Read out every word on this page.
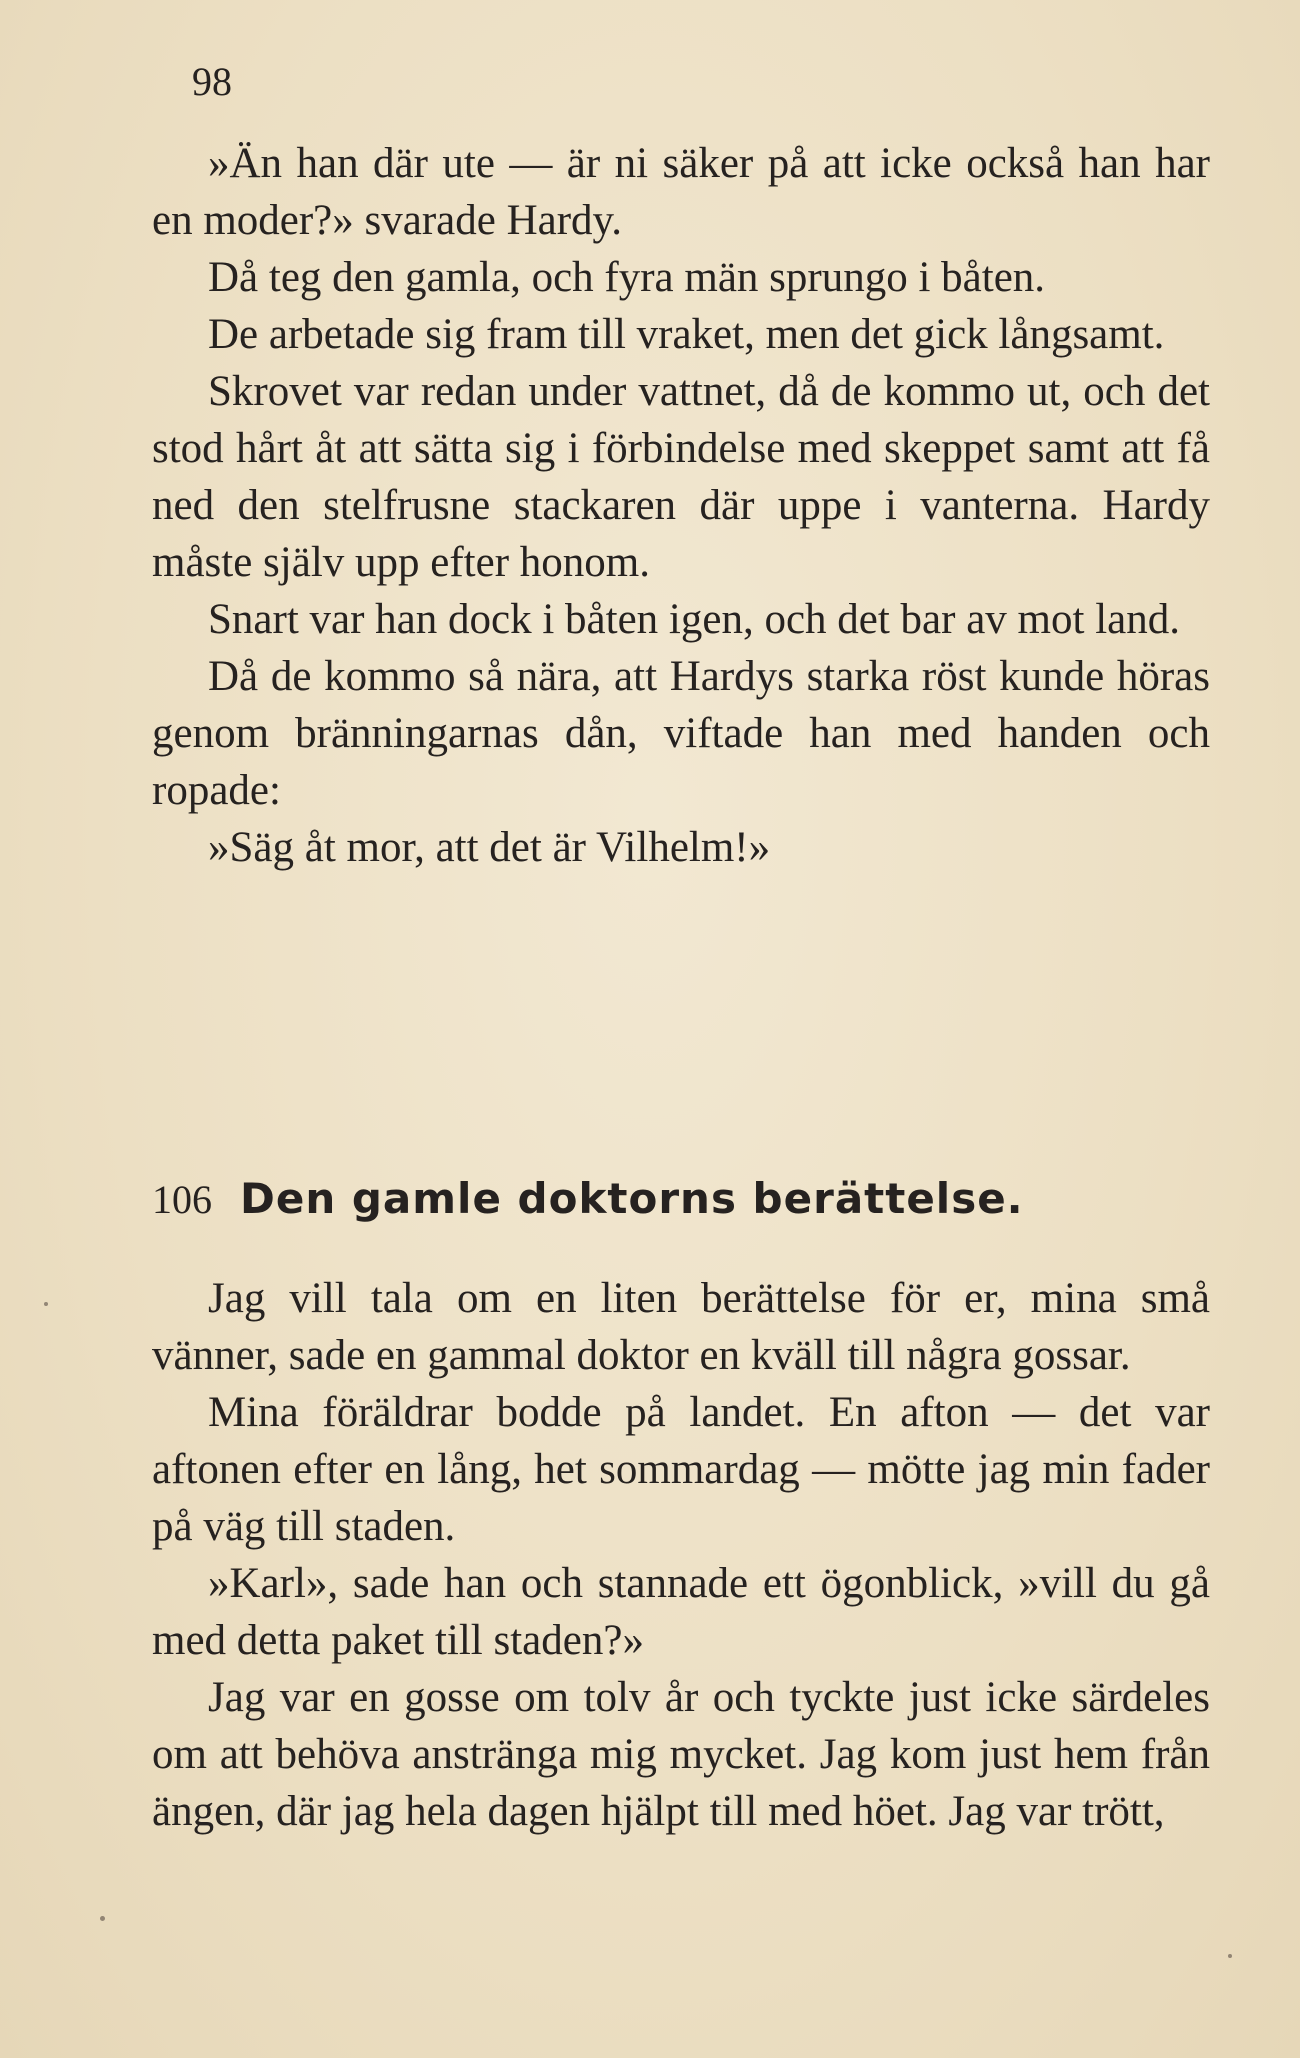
98

»Än han där ute — är ni säker på att icke också han har en moder?» svarade Hardy.

Då teg den gamla, och fyra män sprungo i båten.

De arbetade sig fram till vraket, men det gick långsamt.

Skrovet var redan under vattnet, då de kommo ut, och det stod hårt åt att sätta sig i förbindelse med skeppet samt att få ned den stelfrusne stackaren där uppe i vanterna. Hardy måste själv upp efter honom.

Snart var han dock i båten igen, och det bar av mot land.

Då de kommo så nära, att Hardys starka röst kunde höras genom bränningarnas dån, viftade han med handen och ropade:

»Säg åt mor, att det är Vilhelm!»

106 Den gamle doktorns berättelse.

Jag vill tala om en liten berättelse för er, mina små vänner, sade en gammal doktor en kväll till några gossar.

Mina föräldrar bodde på landet. En afton — det var aftonen efter en lång, het sommardag — mötte jag min fader på väg till staden.

»Karl», sade han och stannade ett ögonblick, »vill du gå med detta paket till staden?»

Jag var en gosse om tolv år och tyckte just icke särdeles om att behöva anstränga mig mycket. Jag kom just hem från ängen, där jag hela dagen hjälpt till med höet. Jag var trött,
